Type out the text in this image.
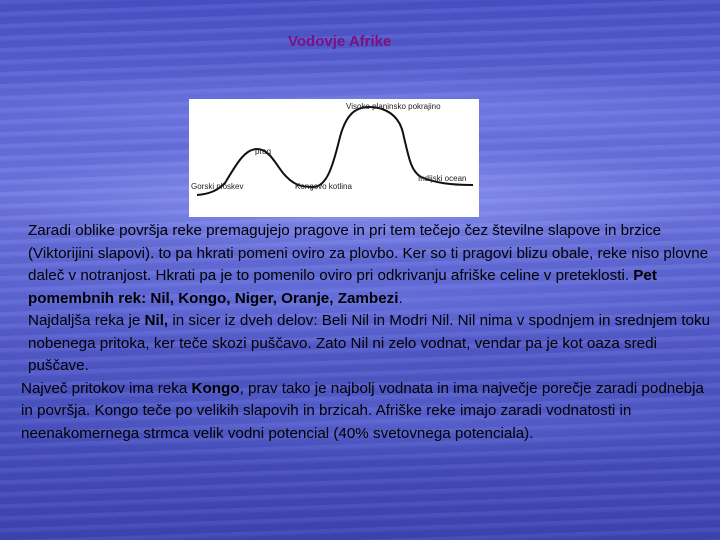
Vodovje Afrike
Visoko planinsko pokrajino
prag
Gorski ploskev	Kongovo kotlina
Indijski ocean

Zaradi oblike površja reke premagujejo pragove in pri tem tečejo čez številne slapove in brzice (Viktorijini slapovi). to pa hkrati pomeni oviro za plovbo. Ker so ti pragovi blizu obale, reke niso plovne daleč v notranjost. Hkrati pa je to pomenilo oviro pri odkrivanju afriške celine v preteklosti. Pet pomembnih rek: Nil, Kongo, Niger, Oranje, Zambezi.

Najdaljša reka je Nil, in sicer iz dveh delov: Beli Nil in Modri Nil. Nil nima v spodnjem in srednjem toku nobenega pritoka, ker teče skozi puščavo. Zato Nil ni zelo vodnat, vendar pa je kot oaza sredi puščave.

Največ pritokov ima reka Kongo, prav tako je najbolj vodnata in ima največje porečje zaradi podnebja in površja. Kongo teče po velikih slapovih in brzicah. Afriške reke imajo zaradi vodnatosti in neenakomernega strmca velik vodni potencial (40% svetovnega potenciala).
